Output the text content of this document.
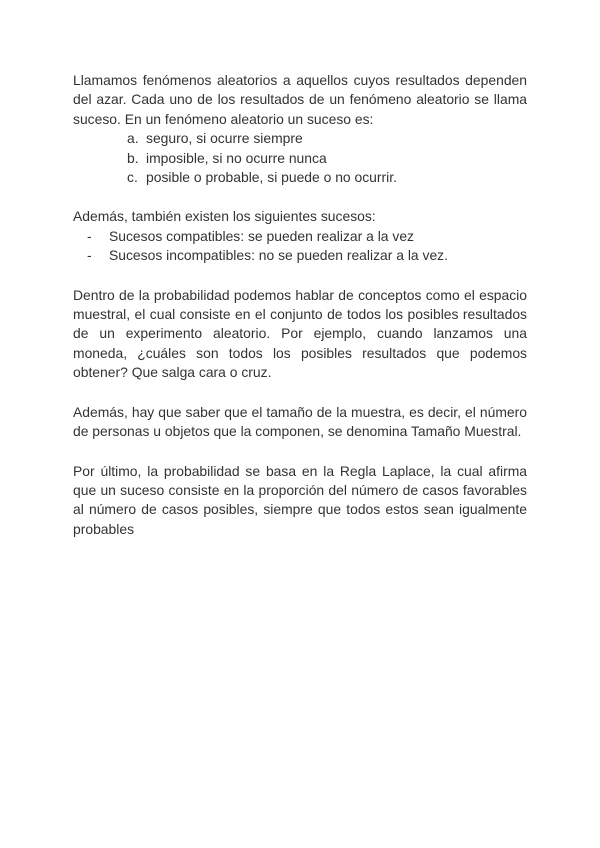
Llamamos fenómenos aleatorios a aquellos cuyos resultados dependen del azar. Cada uno de los resultados de un fenómeno aleatorio se llama suceso. En un fenómeno aleatorio un suceso es:

a. seguro, si ocurre siempre
b. imposible, si no ocurre nunca
c. posible o probable, si puede o no ocurrir.

Además, también existen los siguientes sucesos:

-	Sucesos compatibles: se pueden realizar a la vez
-	Sucesos incompatibles: no se pueden realizar a la vez.

Dentro de la probabilidad podemos hablar de conceptos como el espacio muestral, el cual consiste en el conjunto de todos los posibles resultados de un experimento aleatorio. Por ejemplo, cuando lanzamos una moneda, ¿cuáles son todos los posibles resultados que podemos obtener? Que salga cara o cruz.

Además, hay que saber que el tamaño de la muestra, es decir, el número de personas u objetos que la componen, se denomina Tamaño Muestral.

Por último, la probabilidad se basa en la Regla Laplace, la cual afirma que un suceso consiste en la proporción del número de casos favorables al número de casos posibles, siempre que todos estos sean igualmente probables
